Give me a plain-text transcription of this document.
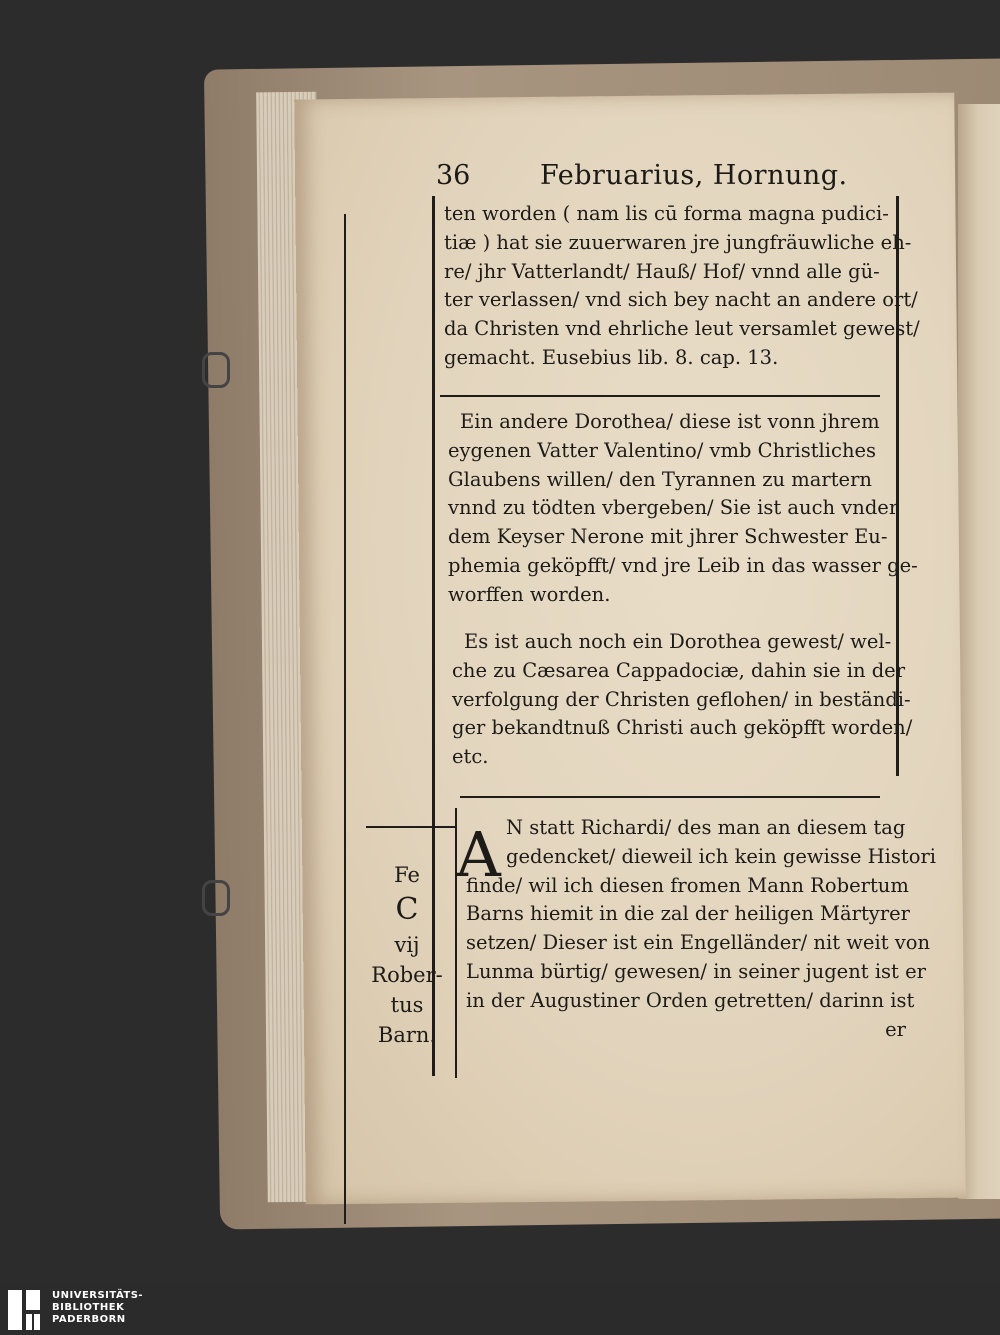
36	Februarius, Hornung.
ten worden ( nam lis cū forma magna pudici-
tiæ ) hat sie zuuerwaren jre jungfräuwliche eh-
re/ jhr Vatterlandt/ Hauß/ Hof/ vnnd alle gü-
ter verlassen/ vnd sich bey nacht an andere ort/
da Christen vnd ehrliche leut versamlet gewest/
gemacht. Eusebius lib. 8. cap. 13.
Ein andere Dorothea/ diese ist vonn jhrem
eygenen Vatter Valentino/ vmb Christliches
Glaubens willen/ den Tyrannen zu martern
vnnd zu tödten vbergeben/ Sie ist auch vnder
dem Keyser Nerone mit jhrer Schwester Eu-
phemia geköpfft/ vnd jre Leib in das wasser ge-
worffen worden.
Es ist auch noch ein Dorothea gewest/ wel-
che zu Cæsarea Cappadociæ, dahin sie in der
verfolgung der Christen geflohen/ in beständi-
ger bekandtnuß Christi auch geköpfft worden/
etc.
A N statt Richardi/ des man an diesem tag
gedencket/ dieweil ich kein gewisse Histori
finde/ wil ich diesen fromen Mann Robertum
Barns hiemit in die zal der heiligen Märtyrer
setzen/ Dieser ist ein Engelländer/ nit weit von
Lunma bürtig/ gewesen/ in seiner jugent ist er
in der Augustiner Orden getretten/ darinn ist
er
Fe
C
vij
Rober-
tus
Barn.
UNIVERSITÄTS-
BIBLIOTHEK
PADERBORN
